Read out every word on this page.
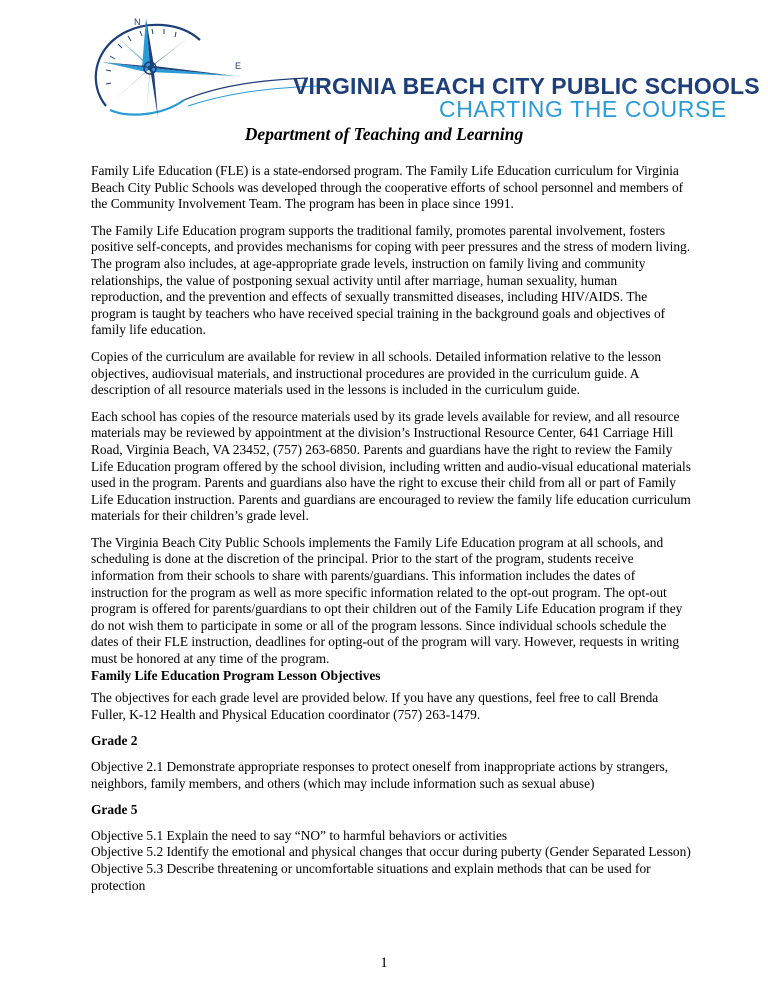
N
E
VIRGINIA BEACH CITY PUBLIC SCHOOLS
CHARTING THE COURSE
Department of Teaching and Learning

Family Life Education (FLE) is a state-endorsed program. The Family Life Education curriculum for Virginia Beach City Public Schools was developed through the cooperative efforts of school personnel and members of the Community Involvement Team. The program has been in place since 1991.

The Family Life Education program supports the traditional family, promotes parental involvement, fosters positive self-concepts, and provides mechanisms for coping with peer pressures and the stress of modern living. The program also includes, at age-appropriate grade levels, instruction on family living and community relationships, the value of postponing sexual activity until after marriage, human sexuality, human reproduction, and the prevention and effects of sexually transmitted diseases, including HIV/AIDS. The program is taught by teachers who have received special training in the background goals and objectives of family life education.

Copies of the curriculum are available for review in all schools. Detailed information relative to the lesson objectives, audiovisual materials, and instructional procedures are provided in the curriculum guide. A description of all resource materials used in the lessons is included in the curriculum guide.

Each school has copies of the resource materials used by its grade levels available for review, and all resource materials may be reviewed by appointment at the division’s Instructional Resource Center, 641 Carriage Hill Road, Virginia Beach, VA 23452, (757) 263-6850. Parents and guardians have the right to review the Family Life Education program offered by the school division, including written and audio-visual educational materials used in the program. Parents and guardians also have the right to excuse their child from all or part of Family Life Education instruction. Parents and guardians are encouraged to review the family life education curriculum materials for their children’s grade level.

The Virginia Beach City Public Schools implements the Family Life Education program at all schools, and scheduling is done at the discretion of the principal. Prior to the start of the program, students receive information from their schools to share with parents/guardians. This information includes the dates of instruction for the program as well as more specific information related to the opt-out program. The opt-out program is offered for parents/guardians to opt their children out of the Family Life Education program if they do not wish them to participate in some or all of the program lessons. Since individual schools schedule the dates of their FLE instruction, deadlines for opting-out of the program will vary. However, requests in writing must be honored at any time of the program.

Family Life Education Program Lesson Objectives

The objectives for each grade level are provided below. If you have any questions, feel free to call Brenda Fuller, K-12 Health and Physical Education coordinator (757) 263-1479.

Grade 2

Objective 2.1 Demonstrate appropriate responses to protect oneself from inappropriate actions by strangers, neighbors, family members, and others (which may include information such as sexual abuse)

Grade 5
Objective 5.1 Explain the need to say “NO” to harmful behaviors or activities
Objective 5.2 Identify the emotional and physical changes that occur during puberty (Gender Separated Lesson)
Objective 5.3 Describe threatening or uncomfortable situations and explain methods that can be used for protection
1
